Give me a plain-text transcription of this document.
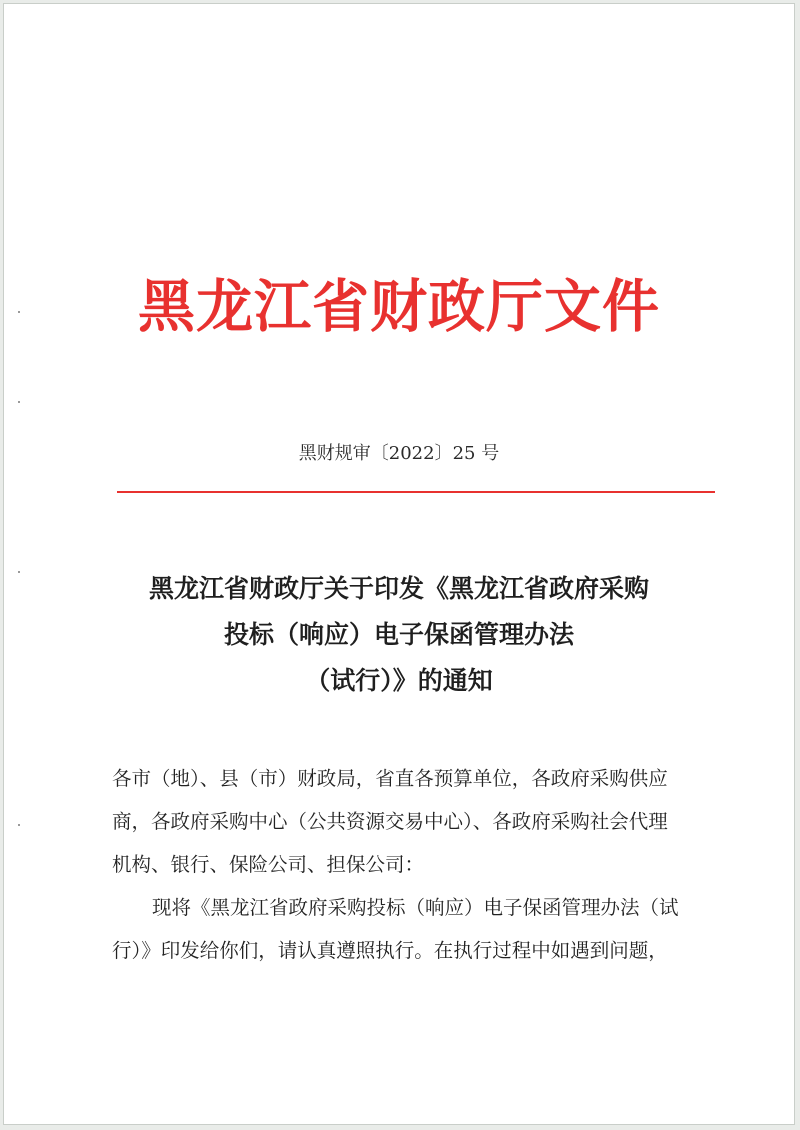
黑龙江省财政厅文件
黑财规审〔2022〕25 号
黑龙江省财政厅关于印发《黑龙江省政府采购
投标（响应）电子保函管理办法
（试行）》的通知
各市（地）、县（市）财政局，省直各预算单位，各政府采购供应
商，各政府采购中心（公共资源交易中心）、各政府采购社会代理
机构、银行、保险公司、担保公司：
现将《黑龙江省政府采购投标（响应）电子保函管理办法（试
行）》印发给你们，请认真遵照执行。在执行过程中如遇到问题，
